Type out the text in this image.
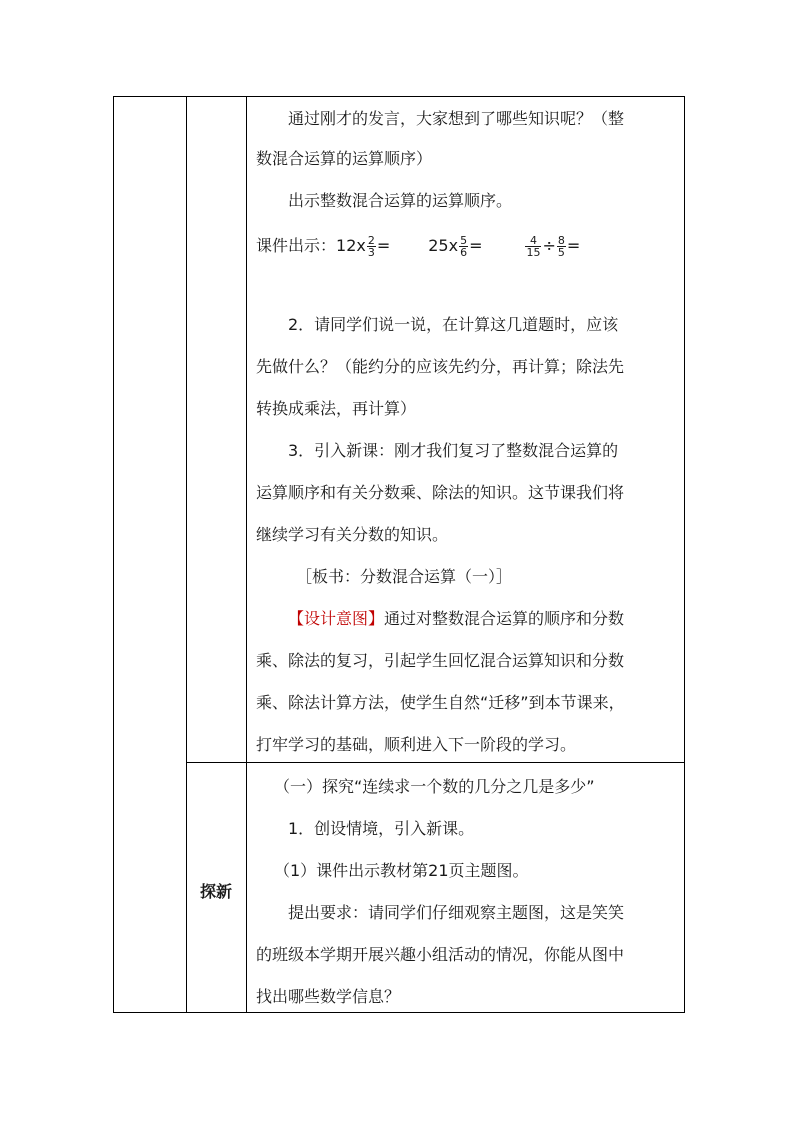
通过刚才的发言，大家想到了哪些知识呢？（整
数混合运算的运算顺序）
出示整数混合运算的运算顺序。
课件出示：$12x \frac{2}{3} = 25x \frac{5}{6}$ =	$\frac{4}{15} \div \frac{8}{5}$ =
2．请同学们说一说，在计算这几道题时，应该
先做什么？（能约分的应该先约分，再计算；除法先
转换成乘法，再计算）
3．引入新课：刚才我们复习了整数混合运算的
运算顺序和有关分数乘、除法的知识。这节课我们将
继续学习有关分数的知识。
［板书：分数混合运算（一）］
【设计意图】通过对整数混合运算的顺序和分数
乘、除法的复习，引起学生回忆混合运算知识和分数
乘、除法计算方法，使学生自然“迁移”到本节课来，
打牢学习的基础，顺利进入下一阶段的学习。
探新
（一）探究“连续求一个数的几分之几是多少”
1．创设情境，引入新课。
（1）课件出示教材第21页主题图。
提出要求：请同学们仔细观察主题图，这是笑笑
的班级本学期开展兴趣小组活动的情况，你能从图中
找出哪些数学信息？
